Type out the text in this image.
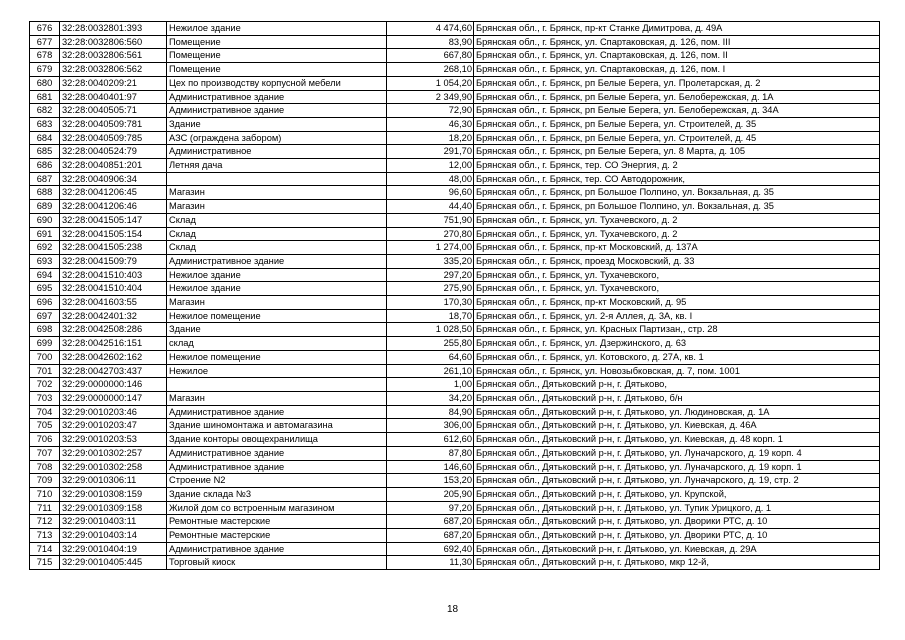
676	32:28:0032801:393	Нежилое здание	4 474,60	Брянская обл., г. Брянск, пр-кт Станке Димитрова, д. 49А
677	32:28:0032806:560	Помещение	83,90	Брянская обл., г. Брянск, ул. Спартаковская, д. 126, пом. III
678	32:28:0032806:561	Помещение	667,80	Брянская обл., г. Брянск, ул. Спартаковская, д. 126, пом. II
679	32:28:0032806:562	Помещение	268,10	Брянская обл., г. Брянск, ул. Спартаковская, д. 126, пом. I
680	32:28:0040209:21	Цех по производству корпусной мебели	1 054,20	Брянская обл., г. Брянск, рп Белые Берега, ул. Пролетарская, д. 2
681	32:28:0040401:97	Административное здание	2 349,90	Брянская обл., г. Брянск, рп Белые Берега, ул. Белобережская, д. 1А
682	32:28:0040505:71	Административное здание	72,90	Брянская обл., г. Брянск, рп Белые Берега, ул. Белобережская, д. 34А
683	32:28:0040509:781	Здание	46,30	Брянская обл., г. Брянск, рп Белые Берега, ул. Строителей, д. 35
684	32:28:0040509:785	АЗС (ограждена забором)	18,20	Брянская обл., г. Брянск, рп Белые Берега, ул. Строителей, д. 45
685	32:28:0040524:79	Административное	291,70	Брянская обл., г. Брянск, рп Белые Берега, ул. 8 Марта, д. 105
686	32:28:0040851:201	Летняя дача	12,00	Брянская обл., г. Брянск, тер. СО Энергия, д. 2
687	32:28:0040906:34		48,00	Брянская обл., г. Брянск, тер. СО Автодорожник,
688	32:28:0041206:45	Магазин	96,60	Брянская обл., г. Брянск, рп Большое Полпино, ул. Вокзальная, д. 35
689	32:28:0041206:46	Магазин	44,40	Брянская обл., г. Брянск, рп Большое Полпино, ул. Вокзальная, д. 35
690	32:28:0041505:147	Склад	751,90	Брянская обл., г. Брянск, ул. Тухачевского, д. 2
691	32:28:0041505:154	Склад	270,80	Брянская обл., г. Брянск, ул. Тухачевского, д. 2
692	32:28:0041505:238	Склад	1 274,00	Брянская обл., г. Брянск, пр-кт Московский, д. 137А
693	32:28:0041509:79	Административное здание	335,20	Брянская обл., г. Брянск, проезд Московский, д. 33
694	32:28:0041510:403	Нежилое здание	297,20	Брянская обл., г. Брянск, ул. Тухачевского,
695	32:28:0041510:404	Нежилое здание	275,90	Брянская обл., г. Брянск, ул. Тухачевского,
696	32:28:0041603:55	Магазин	170,30	Брянская обл., г. Брянск, пр-кт Московский, д. 95
697	32:28:0042401:32	Нежилое помещение	18,70	Брянская обл., г. Брянск, ул. 2-я Аллея, д. 3А, кв. I
698	32:28:0042508:286	Здание	1 028,50	Брянская обл., г. Брянск, ул. Красных Партизан,, стр. 28
699	32:28:0042516:151	склад	255,80	Брянская обл., г. Брянск, ул. Дзержинского, д. 63
700	32:28:0042602:162	Нежилое помещение	64,60	Брянская обл., г. Брянск, ул. Котовского, д. 27А, кв. 1
701	32:28:0042703:437	Нежилое	261,10	Брянская обл., г. Брянск, ул. Новозыбковская, д. 7, пом. 1001
702	32:29:0000000:146		1,00	Брянская обл., Дятьковский р-н, г. Дятьково,
703	32:29:0000000:147	Магазин	34,20	Брянская обл., Дятьковский р-н, г. Дятьково, б/н
704	32:29:0010203:46	Административное здание	84,90	Брянская обл., Дятьковский р-н, г. Дятьково, ул. Людиновская, д. 1А
705	32:29:0010203:47	Здание шиномонтажа и автомагазина	306,00	Брянская обл., Дятьковский р-н, г. Дятьково, ул. Киевская, д. 46А
706	32:29:0010203:53	Здание конторы овощехранилища	612,60	Брянская обл., Дятьковский р-н, г. Дятьково, ул. Киевская, д. 48 корп. 1
707	32:29:0010302:257	Административное здание	87,80	Брянская обл., Дятьковский р-н, г. Дятьково, ул. Луначарского, д. 19 корп. 4
708	32:29:0010302:258	Административное здание	146,60	Брянская обл., Дятьковский р-н, г. Дятьково, ул. Луначарского, д. 19 корп. 1
709	32:29:0010306:11	Строение N2	153,20	Брянская обл., Дятьковский р-н, г. Дятьково, ул. Луначарского, д. 19, стр. 2
710	32:29:0010308:159	Здание склада №3	205,90	Брянская обл., Дятьковский р-н, г. Дятьково, ул. Крупской,
711	32:29:0010309:158	Жилой дом со встроенным магазином	97,20	Брянская обл., Дятьковский р-н, г. Дятьково, ул. Тупик Урицкого, д. 1
712	32:29:0010403:11	Ремонтные мастерские	687,20	Брянская обл., Дятьковский р-н, г. Дятьково, ул. Дворики РТС, д. 10
713	32:29:0010403:14	Ремонтные мастерские	687,20	Брянская обл., Дятьковский р-н, г. Дятьково, ул. Дворики РТС, д. 10
714	32:29:0010404:19	Административное здание	692,40	Брянская обл., Дятьковский р-н, г. Дятьково, ул. Киевская, д. 29А
715	32:29:0010405:445	Торговый киоск	11,30	Брянская обл., Дятьковский р-н, г. Дятьково, мкр 12-й,
18
